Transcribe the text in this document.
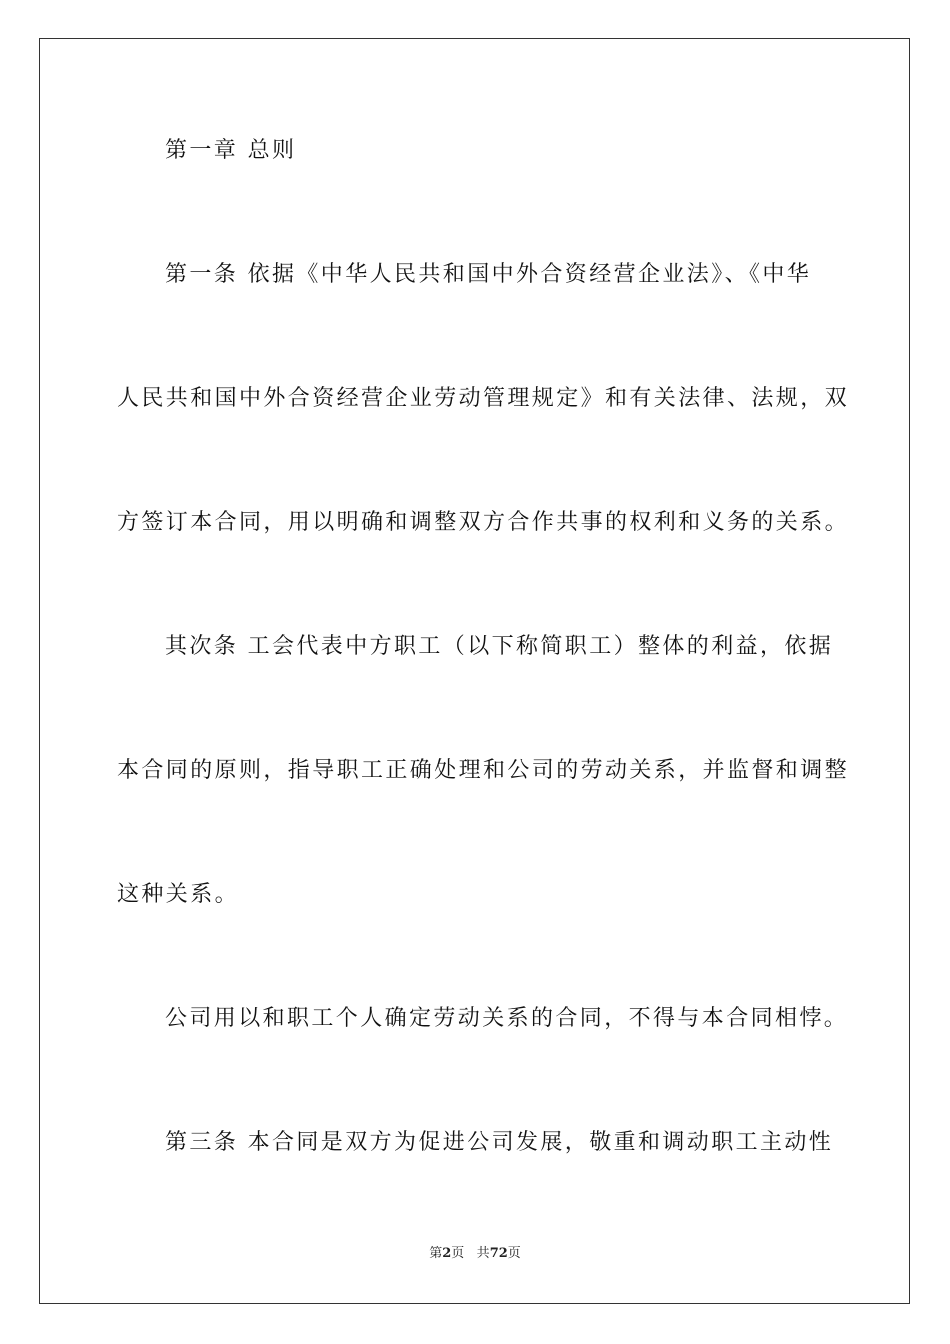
第一章 总则
第一条 依据《中华人民共和国中外合资经营企业法》、《中华
人民共和国中外合资经营企业劳动管理规定》和有关法律、法规，双
方签订本合同，用以明确和调整双方合作共事的权利和义务的关系。
其次条 工会代表中方职工（以下称简职工）整体的利益，依据
本合同的原则，指导职工正确处理和公司的劳动关系，并监督和调整
这种关系。
公司用以和职工个人确定劳动关系的合同，不得与本合同相悖。
第三条 本合同是双方为促进公司发展，敬重和调动职工主动性
第2页 共72页
